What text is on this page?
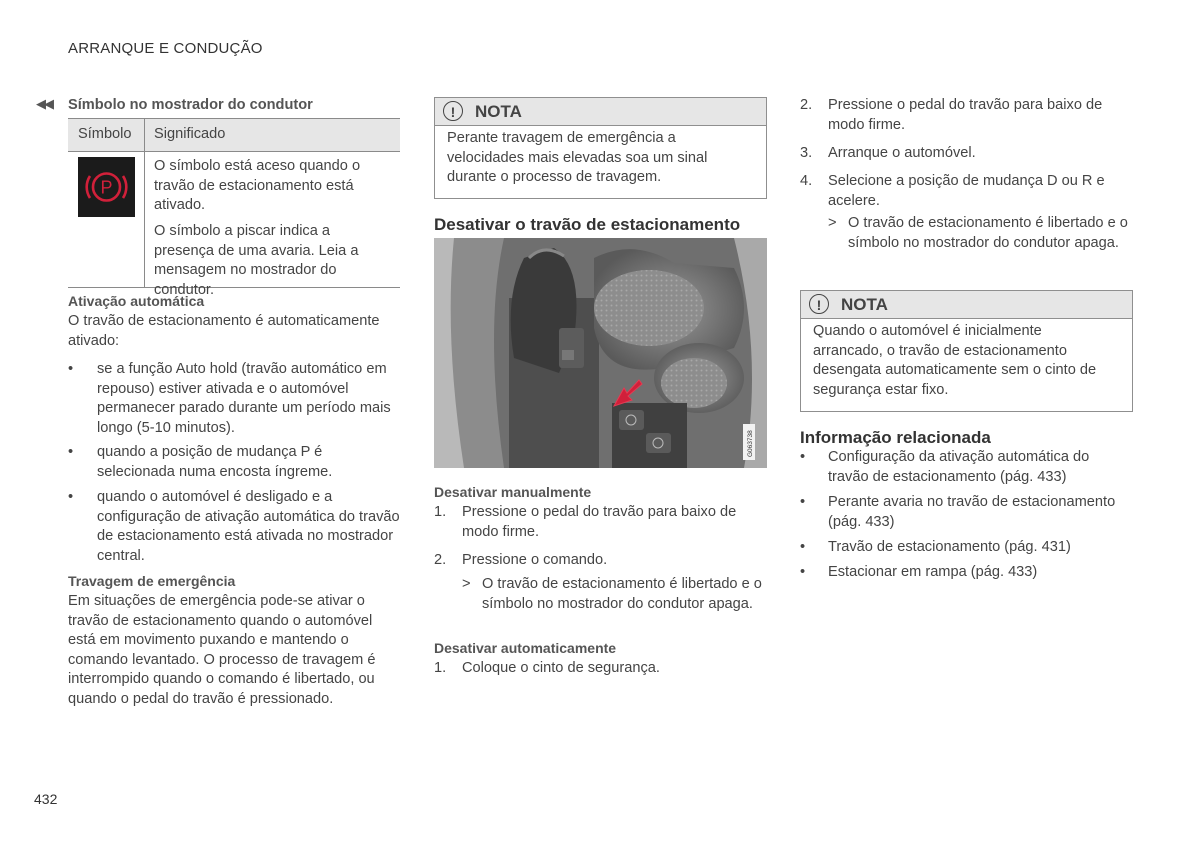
ARRANQUE E CONDUÇÃO
◀◀ Símbolo no mostrador do condutor
Símbolo Significado
P
O símbolo está aceso quando o travão de estacionamento está ativado.
O símbolo a piscar indica a presença de uma avaria. Leia a mensagem no mostrador do condutor.
Ativação automática
O travão de estacionamento é automaticamente ativado:
• se a função Auto hold (travão automático em repouso) estiver ativada e o automóvel permanecer parado durante um período mais longo (5-10 minutos).
• quando a posição de mudança P é selecionada numa encosta íngreme.
• quando o automóvel é desligado e a configuração de ativação automática do travão de estacionamento está ativada no mostrador central.
Travagem de emergência
Em situações de emergência pode-se ativar o travão de estacionamento quando o automóvel está em movimento puxando e mantendo o comando levantado. O processo de travagem é interrompido quando o comando é libertado, ou quando o pedal do travão é pressionado.
!	NOTA
Perante travagem de emergência a velocidades mais elevadas soa um sinal durante o processo de travagem.
Desativar o travão de estacionamento
G063738
Desativar manualmente
1. Pressione o pedal do travão para baixo de modo firme.
2. Pressione o comando.
> O travão de estacionamento é libertado e o símbolo no mostrador do condutor apaga.
Desativar automaticamente
1. Coloque o cinto de segurança.
2. Pressione o pedal do travão para baixo de modo firme.
3. Arranque o automóvel.
4. Selecione a posição de mudança D ou R e acelere.
> O travão de estacionamento é libertado e o símbolo no mostrador do condutor apaga.
!	NOTA
Quando o automóvel é inicialmente arrancado, o travão de estacionamento desengata automaticamente sem o cinto de segurança estar fixo.
Informação relacionada
• Configuração da ativação automática do travão de estacionamento (pág. 433)
• Perante avaria no travão de estacionamento (pág. 433)
• Travão de estacionamento (pág. 431)
• Estacionar em rampa (pág. 433)
432
